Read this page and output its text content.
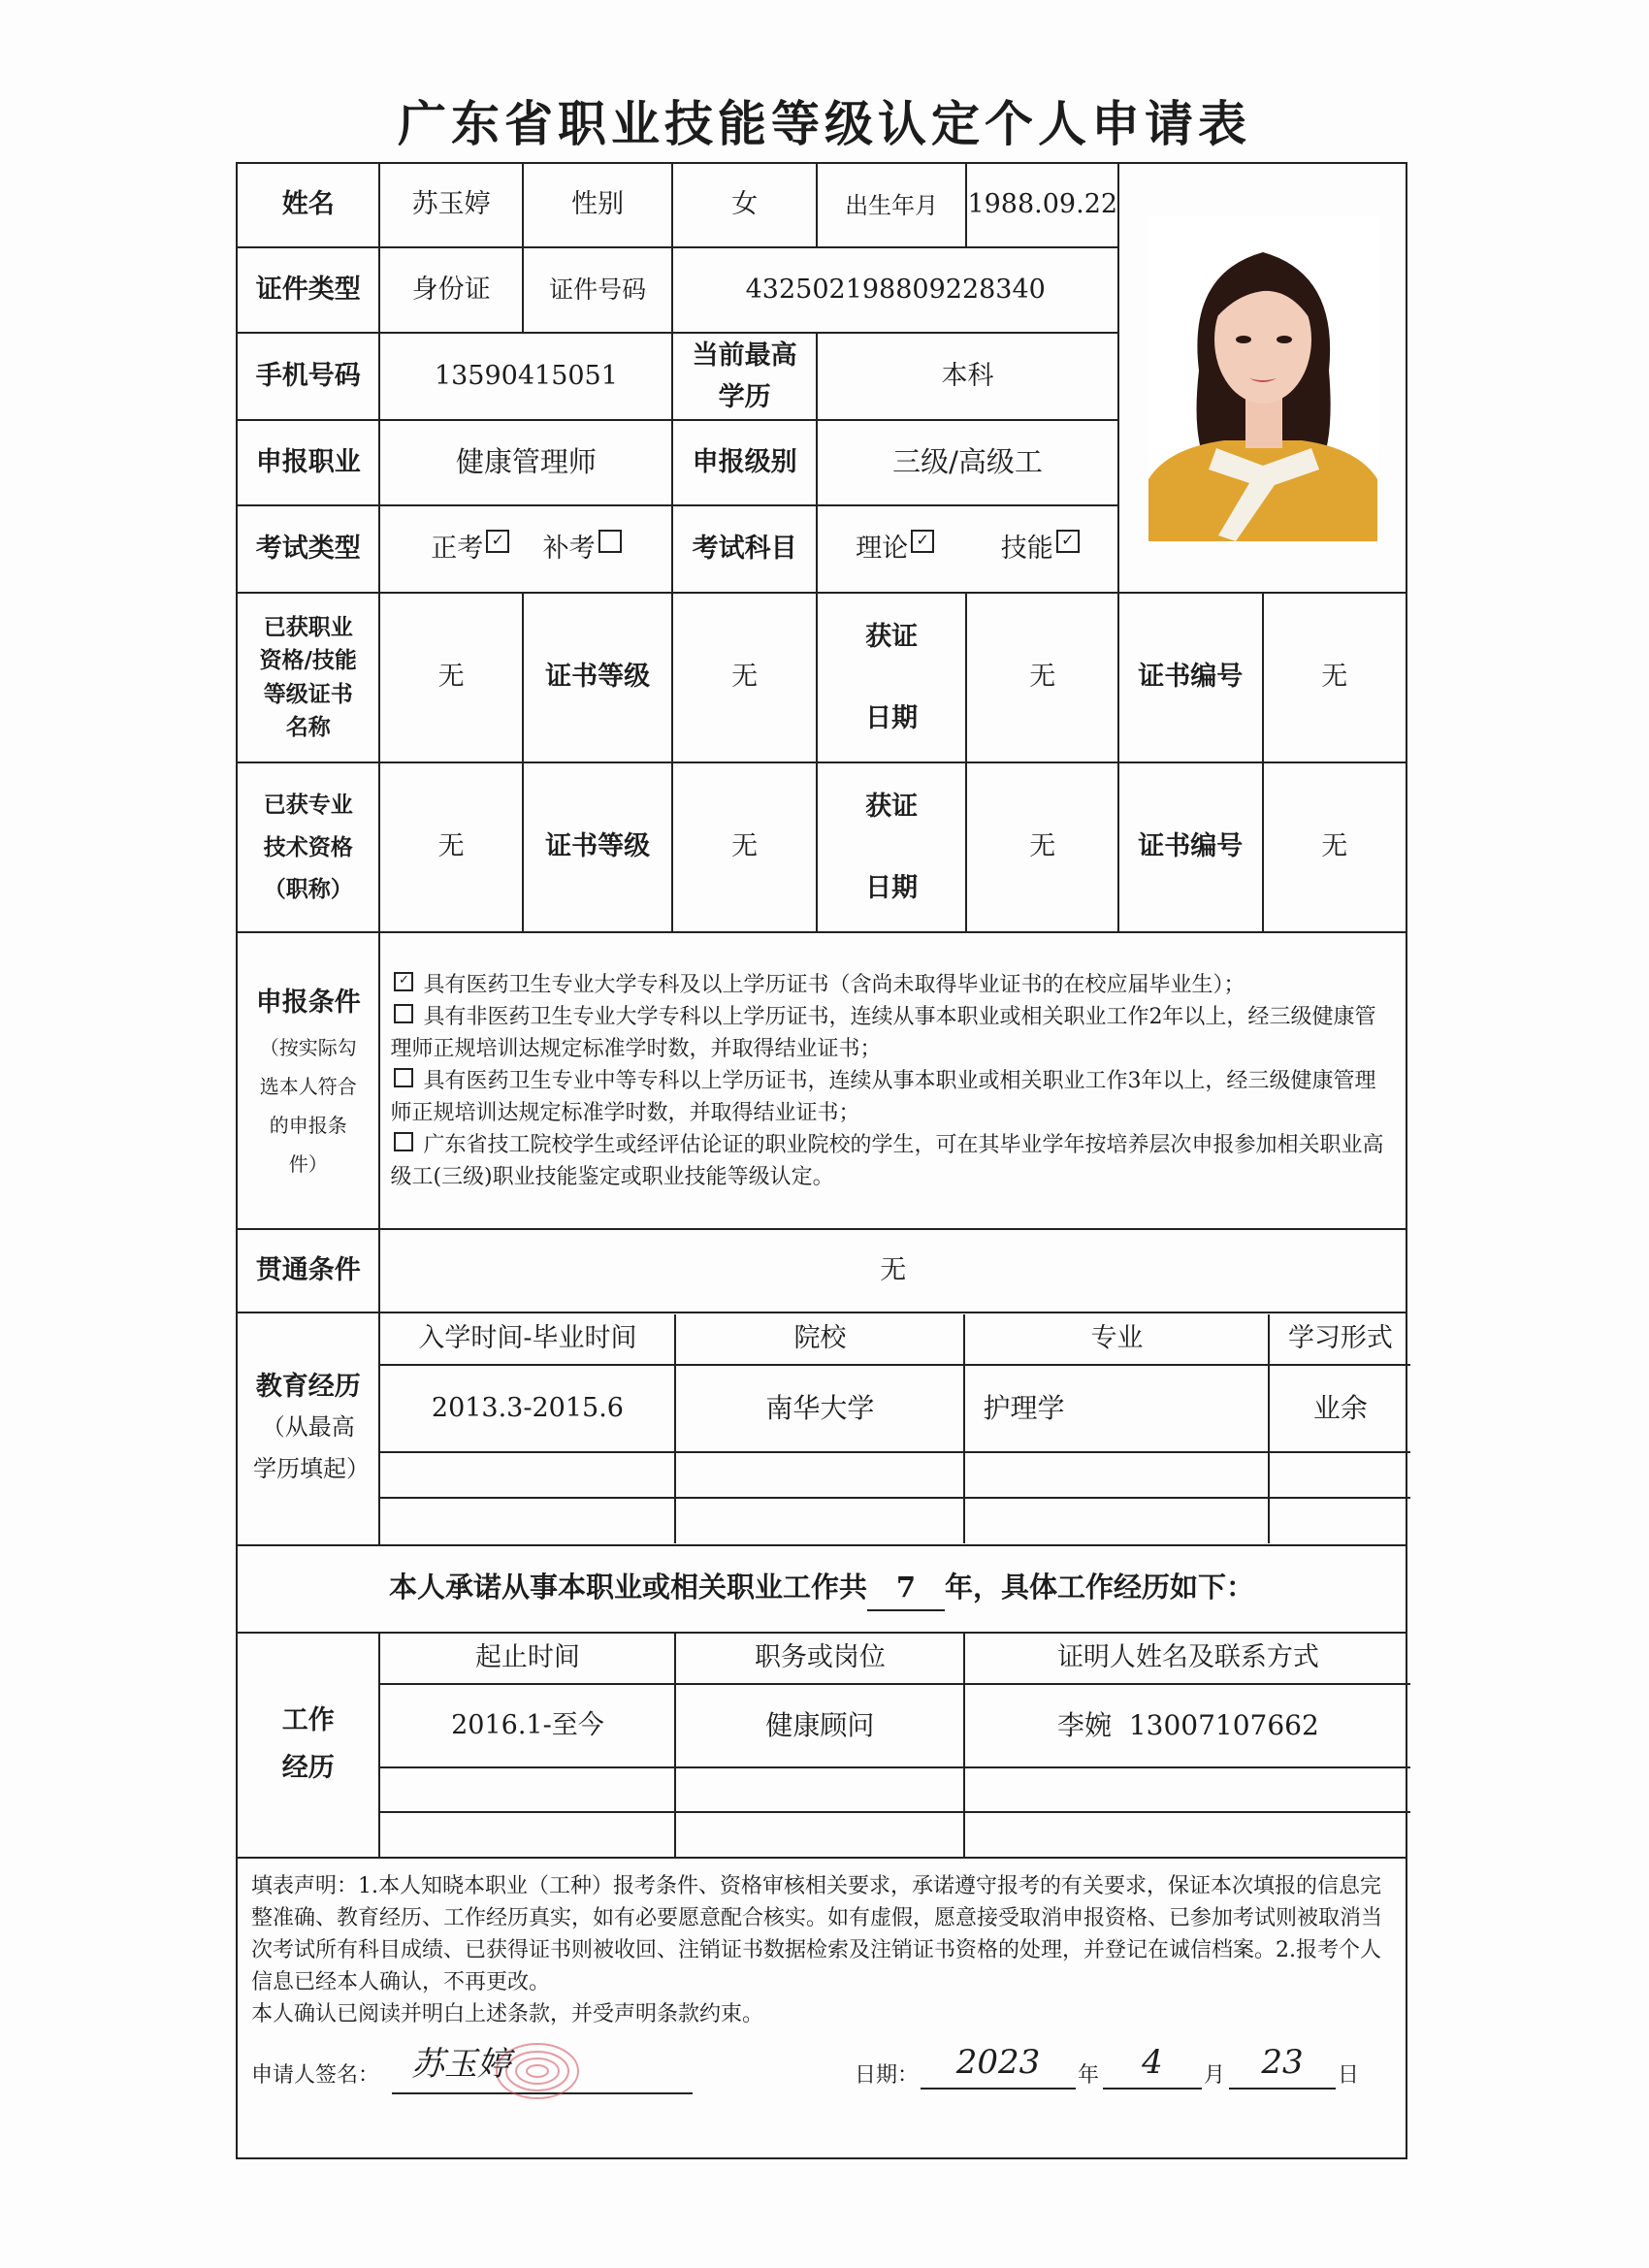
广东省职业技能等级认定个人申请表
姓名	苏玉婷	性别	女	出生年月	1988.09.22	

证件类型	身份证	证件号码	432502198809228340
手机号码	13590415051	当前最高学历	本科
申报职业	健康管理师	申报级别	三级/高级工
考试类型	正考 ✓ 补考	考试科目	理论 ✓	技能 ✓
已获职业资格/技能等级证书名称	无	证书等级	无	获证日期	无	证书编号	无
已获专业技术资格（职称）	无	证书等级	无	获证日期	无	证书编号	无

申报条件
（按实际勾选本人符合的申报条件）

✓ 具有医药卫生专业大学专科及以上学历证书（含尚未取得毕业证书的在校应届毕业生）；
具有非医药卫生专业大学专科以上学历证书，连续从事本职业或相关职业工作2年以上，经三级健康管理师正规培训达规定标准学时数，并取得结业证书；
具有医药卫生专业中等专科以上学历证书，连续从事本职业或相关职业工作3年以上，经三级健康管理师正规培训达规定标准学时数，并取得结业证书；
广东省技工院校学生或经评估论证的职业院校的学生，可在其毕业学年按培养层次申报参加相关职业高级工(三级)职业技能鉴定或职业技能等级认定。

贯通条件	无

教育经历
（从最高学历填起）

入学时间-毕业时间	院校	专业	学习形式
2013.3-2015.6	南华大学	护理学	业余

本人承诺从事本职业或相关职业工作共 7 年，具体工作经历如下：
工作经历	
起止时间	职务或岗位	证明人姓名及联系方式
2016.1-至今	健康顾问	李婉  13007107662

填表声明：1.本人知晓本职业（工种）报考条件、资格审核相关要求，承诺遵守报考的有关要求，保证本次填报的信息完整准确、教育经历、工作经历真实，如有必要愿意配合核实。如有虚假，愿意接受取消申报资格、已参加考试则被取消当次考试所有科目成绩、已获得证书则被收回、注销证书数据检索及注销证书资格的处理，并登记在诚信档案。2.报考个人信息已经本人确认，不再更改。
本人确认已阅读并明白上述条款，并受声明条款约束。
申请人签名： 苏玉婷	日期：	2023	年	4	月	23	日
